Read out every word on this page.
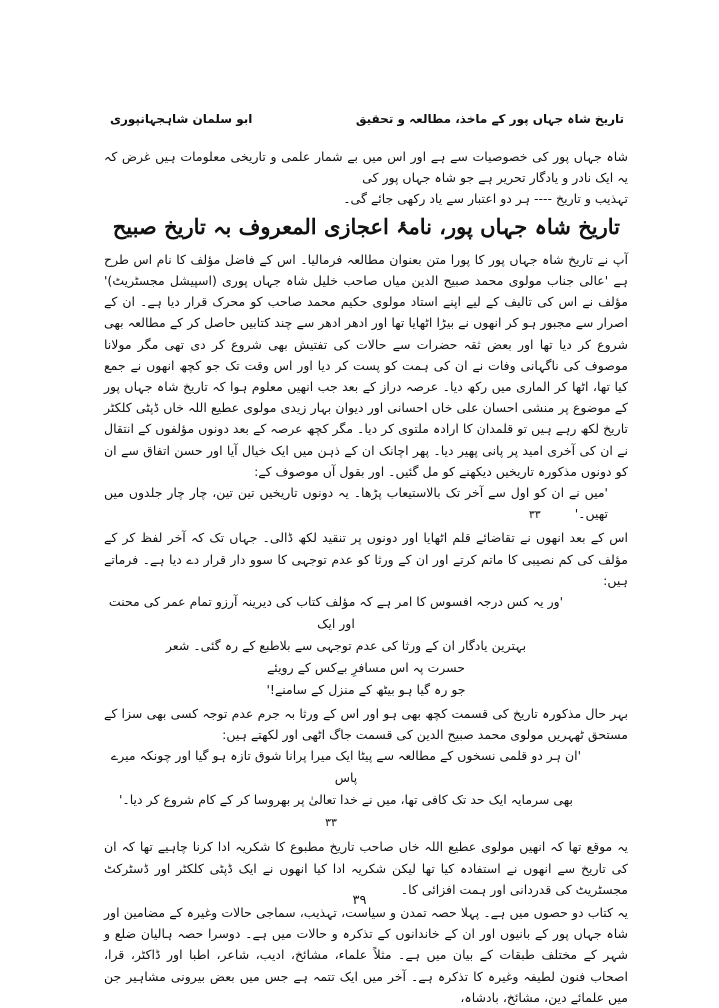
تاریخ شاہ جہاں پور کے ماخذ، مطالعہ و تحقیق
ابو سلمان شاہجہانپوری

شاہ جہاں پور کی خصوصیات سے ہے اور اس میں بے شمار علمی و تاریخی معلومات ہیں غرض کہ یہ ایک نادر و یادگار تحریر ہے جو شاہ جہاں پور کی

تہذیب و تاریخ ---- ہر دو اعتبار سے یاد رکھی جائے گی۔

تاریخ شاہ جہاں پور، نامۂ اعجازی المعروف بہ تاریخ صبیح

آپ نے تاریخ شاہ جہاں پور کا پورا متن بعنوان مطالعہ فرمالیا۔ اس کے فاضل مؤلف کا نام اس طرح ہے 'عالی جناب مولوی محمد صبیح الدین میاں صاحب خلیل شاہ جہاں پوری (اسپیشل مجسٹریٹ)' مؤلف نے اس کی تالیف کے لیے اپنے استاد مولوی حکیم محمد صاحب کو محرک قرار دیا ہے۔ ان کے اصرار سے مجبور ہو کر انھوں نے بیڑا اٹھایا تھا اور ادھر ادھر سے چند کتابیں حاصل کر کے مطالعہ بھی شروع کر دیا تھا اور بعض ثقہ حضرات سے حالات کی تفتیش بھی شروع کر دی تھی مگر مولانا موصوف کی ناگہانی وفات نے ان کی ہمت کو پست کر دیا اور اس وقت تک جو کچھ انھوں نے جمع کیا تھا، اٹھا کر الماری میں رکھ دیا۔ عرصہ دراز کے بعد جب انھیں معلوم ہوا کہ تاریخ شاہ جہاں پور کے موضوع پر منشی احسان علی خاں احسانی اور دیوان بہار زیدی مولوی عطیع اللہ خاں ڈپٹی کلکٹر تاریخ لکھ رہے ہیں تو قلمدان کا ارادہ ملتوی کر دیا۔ مگر کچھ عرصہ کے بعد دونوں مؤلفوں کے انتقال نے ان کی آخری امید پر پانی پھیر دیا۔ پھر اچانک ان کے ذہن میں ایک خیال آیا اور حسن اتفاق سے ان کو دونوں مذکورہ تاریخیں دیکھنے کو مل گئیں۔ اور بقول آں موصوف کے:

'میں نے ان کو اول سے آخر تک بالاستیعاب پڑھا۔ یہ دونوں تاریخیں تین تین، چار چار جلدوں میں تھیں۔' ۳۳

اس کے بعد انھوں نے تقاضائے قلم اٹھایا اور دونوں پر تنقید لکھ ڈالی۔ جہاں تک کہ آخر لفظ کر کے مؤلف کی کم نصیبی کا ماتم کرتے اور ان کے ورثا کو عدم توجہی کا سوو دار قرار دے دیا ہے۔ فرماتے ہیں:

'ور یہ کس درجہ افسوس کا امر ہے کہ مؤلف کتاب کی دیرینہ آرزو تمام عمر کی محنت اور ایک

بہترین یادگار ان کے ورثا کی عدم توجہی سے بلاطبع کے رہ گئی۔ شعر

حسرت پہ اس مسافرِ بےکس کے رویئے

جو رہ گیا ہو بیٹھ کے منزل کے سامنے!'

بہر حال مذکورہ تاریخ کی قسمت کچھ بھی ہو اور اس کے ورثا بہ جرم عدم توجہ کسی بھی سزا کے مستحق ٹھہریں مولوی محمد صبیح الدین کی قسمت جاگ اٹھی اور لکھتے ہیں:

'ان ہر دو قلمی نسخوں کے مطالعہ سے پیٹا ایک میرا پرانا شوق تازہ ہو گیا اور چونکہ میرے پاس

بھی سرمایہ ایک حد تک کافی تھا، میں نے خدا تعالیٰ پر بھروسا کر کے کام شروع کر دیا۔' ۳۳

یہ موقع تھا کہ انھیں مولوی عطیع اللہ خاں صاحب تاریخ مطبوع کا شکریہ ادا کرنا چاہیے تھا کہ ان کی تاریخ سے انھوں نے استفادہ کیا تھا لیکن شکریہ ادا کیا انھوں نے ایک ڈپٹی کلکٹر اور ڈسٹرکٹ مجسٹریٹ کی قدردانی اور ہمت افزائی کا۔

یہ کتاب دو حصوں میں ہے۔ پہلا حصہ تمدن و سیاست، تہذیب، سماجی حالات وغیرہ کے مضامین اور شاہ جہاں پور کے بانیوں اور ان کے خاندانوں کے تذکرہ و حالات میں ہے۔ دوسرا حصہ ہالیان ضلع و شہر کے مختلف طبقات کے بیان میں ہے۔ مثلاً علماء، مشائخ، ادیب، شاعر، اطبا اور ڈاکٹر، قرا، اصحاب فنون لطیفہ وغیرہ کا تذکرہ ہے۔ آخر میں ایک تتمہ ہے جس میں بعض بیرونی مشاہیر جن میں علمائے دین، مشائخ، بادشاہ،

۳۹
